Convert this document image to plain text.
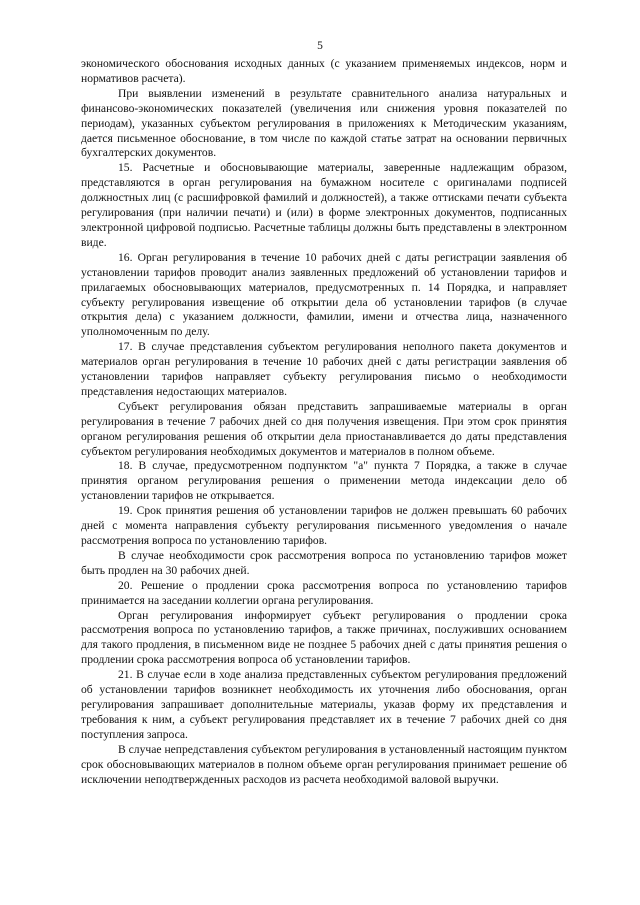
5

экономического обоснования исходных данных (с указанием применяемых индексов, норм и нормативов расчета).

При выявлении изменений в результате сравнительного анализа натуральных и финансово-экономических показателей (увеличения или снижения уровня показателей по периодам), указанных субъектом регулирования в приложениях к Методическим указаниям, дается письменное обоснование, в том числе по каждой статье затрат на основании первичных бухгалтерских документов.

15. Расчетные и обосновывающие материалы, заверенные надлежащим образом, представляются в орган регулирования на бумажном носителе с оригиналами подписей должностных лиц (с расшифровкой фамилий и должностей), а также оттисками печати субъекта регулирования (при наличии печати) и (или) в форме электронных документов, подписанных электронной цифровой подписью. Расчетные таблицы должны быть представлены в электронном виде.

16. Орган регулирования в течение 10 рабочих дней с даты регистрации заявления об установлении тарифов проводит анализ заявленных предложений об установлении тарифов и прилагаемых обосновывающих материалов, предусмотренных п. 14 Порядка, и направляет субъекту регулирования извещение об открытии дела об установлении тарифов (в случае открытия дела) с указанием должности, фамилии, имени и отчества лица, назначенного уполномоченным по делу.

17. В случае представления субъектом регулирования неполного пакета документов и материалов орган регулирования в течение 10 рабочих дней с даты регистрации заявления об установлении тарифов направляет субъекту регулирования письмо о необходимости представления недостающих материалов.

Субъект регулирования обязан представить запрашиваемые материалы в орган регулирования в течение 7 рабочих дней со дня получения извещения. При этом срок принятия органом регулирования решения об открытии дела приостанавливается до даты представления субъектом регулирования необходимых документов и материалов в полном объеме.

18. В случае, предусмотренном подпунктом "а" пункта 7 Порядка, а также в случае принятия органом регулирования решения о применении метода индексации дело об установлении тарифов не открывается.

19. Срок принятия решения об установлении тарифов не должен превышать 60 рабочих дней с момента направления субъекту регулирования письменного уведомления о начале рассмотрения вопроса по установлению тарифов.

В случае необходимости срок рассмотрения вопроса по установлению тарифов может быть продлен на 30 рабочих дней.

20. Решение о продлении срока рассмотрения вопроса по установлению тарифов принимается на заседании коллегии органа регулирования.

Орган регулирования информирует субъект регулирования о продлении срока рассмотрения вопроса по установлению тарифов, а также причинах, послуживших основанием для такого продления, в письменном виде не позднее 5 рабочих дней с даты принятия решения о продлении срока рассмотрения вопроса об установлении тарифов.

21. В случае если в ходе анализа представленных субъектом регулирования предложений об установлении тарифов возникнет необходимость их уточнения либо обоснования, орган регулирования запрашивает дополнительные материалы, указав форму их представления и требования к ним, а субъект регулирования представляет их в течение 7 рабочих дней со дня поступления запроса.

В случае непредставления субъектом регулирования в установленный настоящим пунктом срок обосновывающих материалов в полном объеме орган регулирования принимает решение об исключении неподтвержденных расходов из расчета необходимой валовой выручки.
